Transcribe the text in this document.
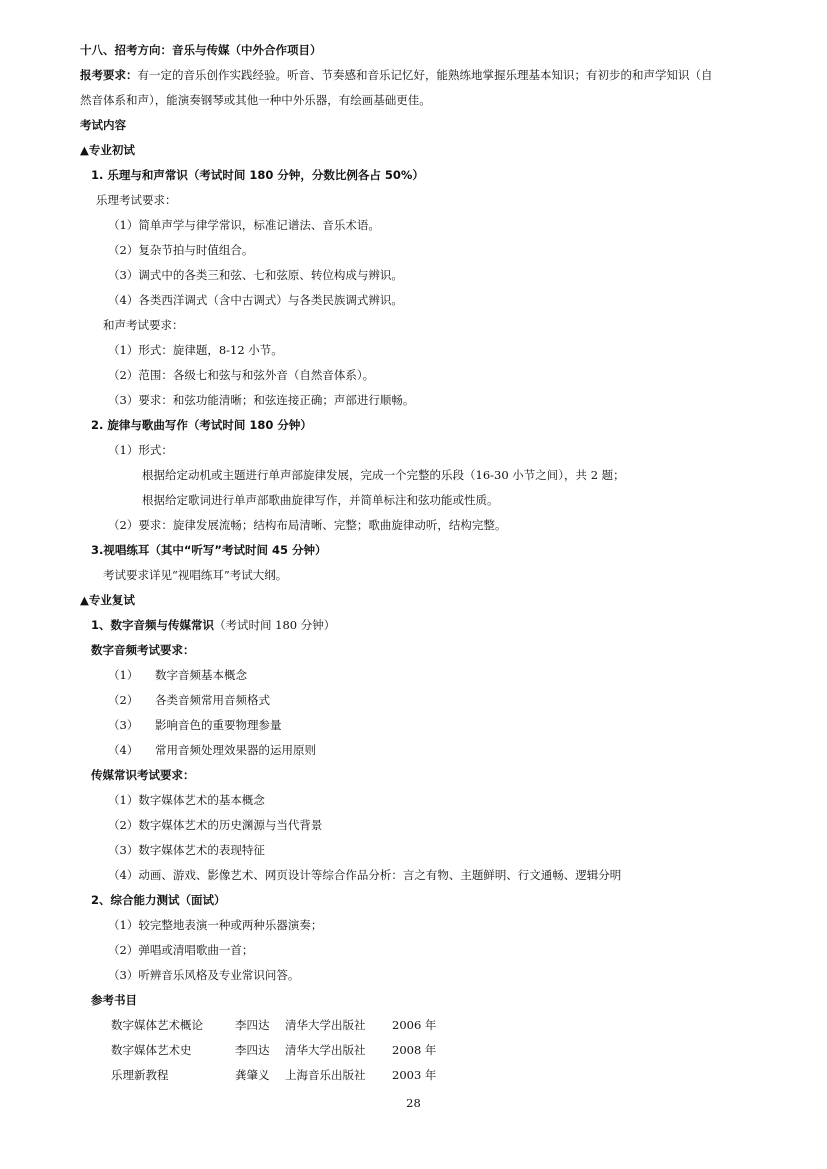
十八、招考方向：音乐与传媒（中外合作项目）
报考要求：有一定的音乐创作实践经验。听音、节奏感和音乐记忆好，能熟练地掌握乐理基本知识；有初步的和声学知识（自
然音体系和声），能演奏钢琴或其他一种中外乐器，有绘画基础更佳。
考试内容
▲专业初试
1. 乐理与和声常识（考试时间 180 分钟，分数比例各占 50%）
乐理考试要求：
（1）简单声学与律学常识，标准记谱法、音乐术语。
（2）复杂节拍与时值组合。
（3）调式中的各类三和弦、七和弦原、转位构成与辨识。
（4）各类西洋调式（含中古调式）与各类民族调式辨识。
和声考试要求：
（1）形式：旋律题，8-12 小节。
（2）范围：各级七和弦与和弦外音（自然音体系）。
（3）要求：和弦功能清晰；和弦连接正确；声部进行顺畅。
2. 旋律与歌曲写作（考试时间 180 分钟）
（1）形式：
根据给定动机或主题进行单声部旋律发展，完成一个完整的乐段（16-30 小节之间），共 2 题；
根据给定歌词进行单声部歌曲旋律写作，并简单标注和弦功能或性质。
（2）要求：旋律发展流畅；结构布局清晰、完整；歌曲旋律动听，结构完整。
3.视唱练耳（其中“听写”考试时间 45 分钟）
考试要求详见“视唱练耳”考试大纲。
▲专业复试
1、数字音频与传媒常识（考试时间 180 分钟）
数字音频考试要求：
（1） 数字音频基本概念
（2） 各类音频常用音频格式
（3） 影响音色的重要物理参量
（4） 常用音频处理效果器的运用原则
传媒常识考试要求：
（1）数字媒体艺术的基本概念
（2）数字媒体艺术的历史渊源与当代背景
（3）数字媒体艺术的表现特征
（4）动画、游戏、影像艺术、网页设计等综合作品分析：言之有物、主题鲜明、行文通畅、逻辑分明
2、综合能力测试（面试）
（1）较完整地表演一种或两种乐器演奏；
（2）弹唱或清唱歌曲一首；
（3）听辨音乐风格及专业常识问答。
参考书目
数字媒体艺术概论	李四达 清华大学出版社 2006 年
数字媒体艺术史	李四达 清华大学出版社 2008 年
乐理新教程	龚肇义 上海音乐出版社 2003 年
28
